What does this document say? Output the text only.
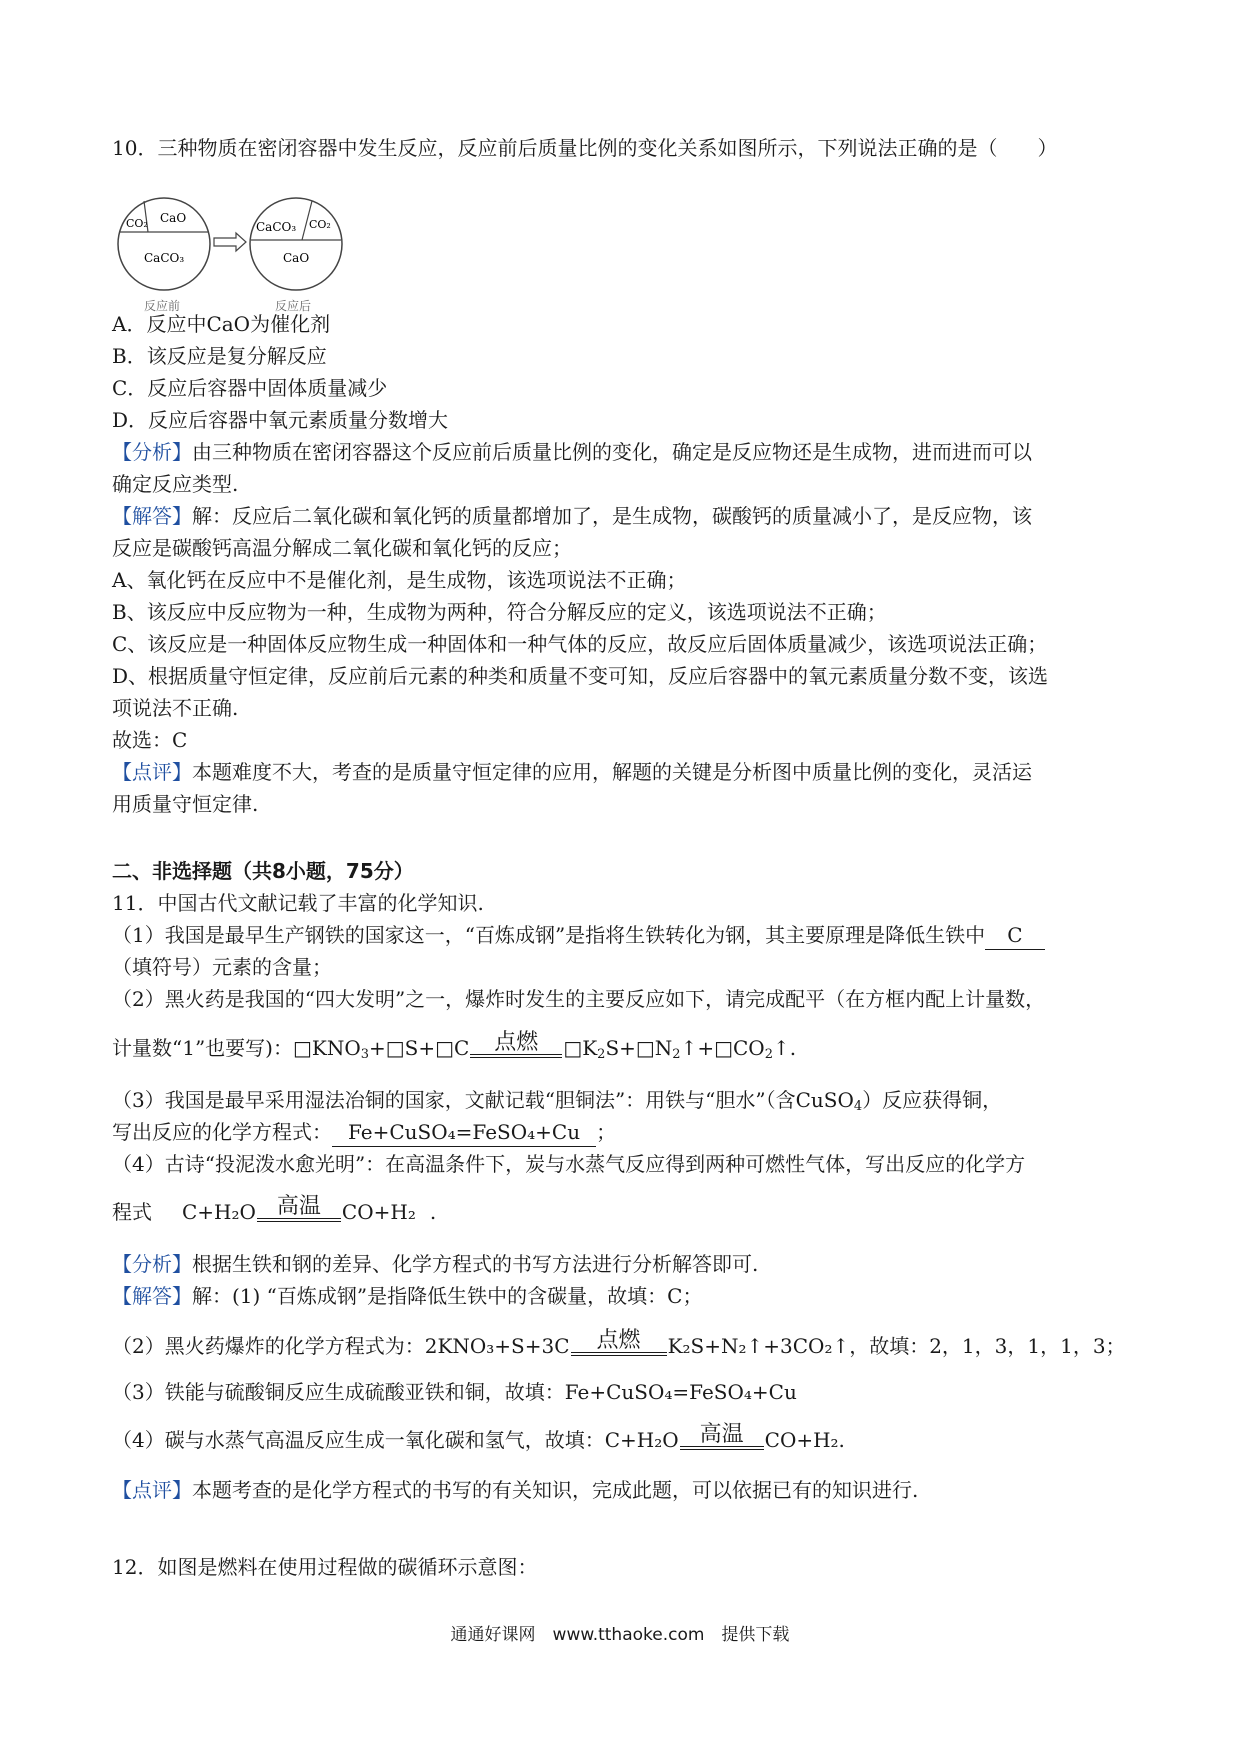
10．三种物质在密闭容器中发生反应，反应前后质量比例的变化关系如图所示，下列说法正确的是（　　）
CO₂ CaO
CaCO₃
反应前
CaCO₃ CO₂
CaO
反应后
A．反应中CaO为催化剂
B．该反应是复分解反应
C．反应后容器中固体质量减少
D．反应后容器中氧元素质量分数增大
【分析】由三种物质在密闭容器这个反应前后质量比例的变化，确定是反应物还是生成物，进而进而可以
确定反应类型.
【解答】解：反应后二氧化碳和氧化钙的质量都增加了，是生成物，碳酸钙的质量减小了，是反应物，该
反应是碳酸钙高温分解成二氧化碳和氧化钙的反应；
A、氧化钙在反应中不是催化剂，是生成物，该选项说法不正确；
B、该反应中反应物为一种，生成物为两种，符合分解反应的定义，该选项说法不正确；
C、该反应是一种固体反应物生成一种固体和一种气体的反应，故反应后固体质量减少，该选项说法正确；
D、根据质量守恒定律，反应前后元素的种类和质量不变可知，反应后容器中的氧元素质量分数不变，该选
项说法不正确.
故选：C
【点评】本题难度不大，考查的是质量守恒定律的应用，解题的关键是分析图中质量比例的变化，灵活运
用质量守恒定律.
二、非选择题（共8小题，75分）
11．中国古代文献记载了丰富的化学知识.
（1）我国是最早生产钢铁的国家这一，“百炼成钢”是指将生铁转化为钢，其主要原理是降低生铁中 C
（填符号）元素的含量；
（2）黑火药是我国的“四大发明”之一，爆炸时发生的主要反应如下，请完成配平（在方框内配上计量数，
计量数“1”也要写)：$□KNO_3+□S+□C$	点燃	$□K_2S+□N_2↑+□CO_2↑$.
（3）我国是最早采用湿法冶铜的国家，文献记载“胆铜法”：用铁与“胆水”（含CuSO$_4$）反应获得铜，
写出反应的化学方程式： Fe+CuSO₄=FeSO₄+Cu ；
（4）古诗“投泥泼水愈光明”：在高温条件下，炭与水蒸气反应得到两种可燃性气体，写出反应的化学方
程式 C+H₂O 高温	CO+H₂ .
【分析】根据生铁和钢的差异、化学方程式的书写方法进行分析解答即可.
【解答】解：(1) “百炼成钢”是指降低生铁中的含碳量，故填：C；
（2）黑火药爆炸的化学方程式为：2KNO₃+S+3C	点燃	K₂S+N₂↑+3CO₂↑，故填：2，1，3，1，1，3；
（3）铁能与硫酸铜反应生成硫酸亚铁和铜，故填：Fe+CuSO₄=FeSO₄+Cu
（4）碳与水蒸气高温反应生成一氧化碳和氢气，故填：C+H₂O 高温	CO+H₂.
【点评】本题考查的是化学方程式的书写的有关知识，完成此题，可以依据已有的知识进行.
12．如图是燃料在使用过程做的碳循环示意图：
通通好课网　www.tthaoke.com　提供下载
